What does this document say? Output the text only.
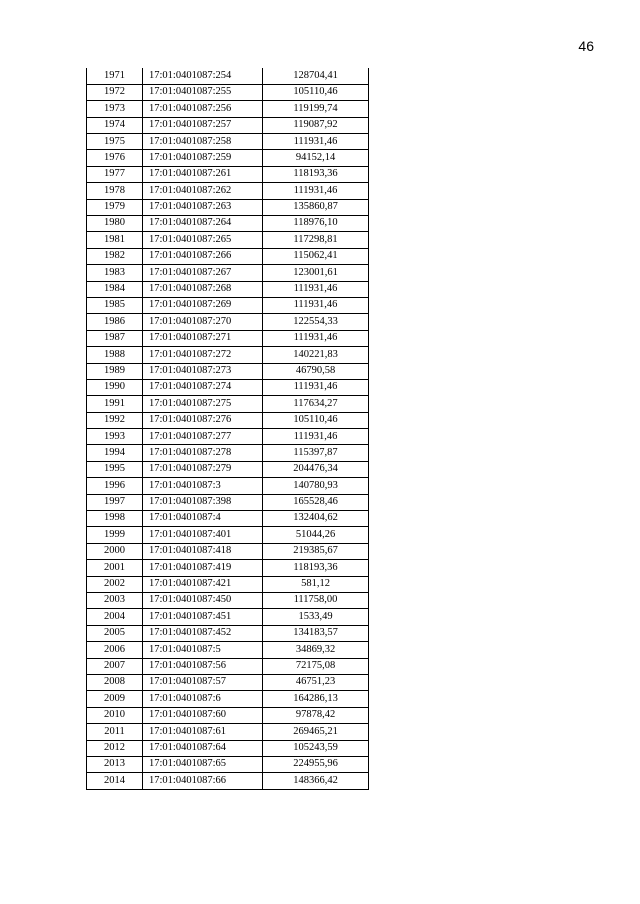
46
1971	17:01:0401087:254	128704,41
1972	17:01:0401087:255	105110,46
1973	17:01:0401087:256	119199,74
1974	17:01:0401087:257	119087,92
1975	17:01:0401087:258	111931,46
1976	17:01:0401087:259	94152,14
1977	17:01:0401087:261	118193,36
1978	17:01:0401087:262	111931,46
1979	17:01:0401087:263	135860,87
1980	17:01:0401087:264	118976,10
1981	17:01:0401087:265	117298,81
1982	17:01:0401087:266	115062,41
1983	17:01:0401087:267	123001,61
1984	17:01:0401087:268	111931,46
1985	17:01:0401087:269	111931,46
1986	17:01:0401087:270	122554,33
1987	17:01:0401087:271	111931,46
1988	17:01:0401087:272	140221,83
1989	17:01:0401087:273	46790,58
1990	17:01:0401087:274	111931,46
1991	17:01:0401087:275	117634,27
1992	17:01:0401087:276	105110,46
1993	17:01:0401087:277	111931,46
1994	17:01:0401087:278	115397,87
1995	17:01:0401087:279	204476,34
1996	17:01:0401087:3	140780,93
1997	17:01:0401087:398	165528,46
1998	17:01:0401087:4	132404,62
1999	17:01:0401087:401	51044,26
2000	17:01:0401087:418	219385,67
2001	17:01:0401087:419	118193,36
2002	17:01:0401087:421	581,12
2003	17:01:0401087:450	111758,00
2004	17:01:0401087:451	1533,49
2005	17:01:0401087:452	134183,57
2006	17:01:0401087:5	34869,32
2007	17:01:0401087:56	72175,08
2008	17:01:0401087:57	46751,23
2009	17:01:0401087:6	164286,13
2010	17:01:0401087:60	97878,42
2011	17:01:0401087:61	269465,21
2012	17:01:0401087:64	105243,59
2013	17:01:0401087:65	224955,96
2014	17:01:0401087:66	148366,42
